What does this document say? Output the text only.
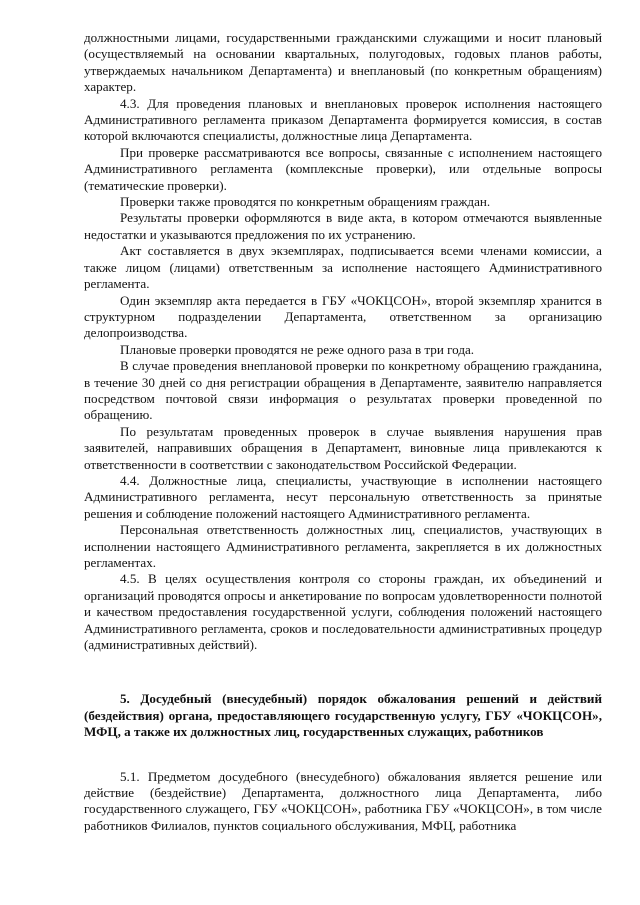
должностными лицами, государственными гражданскими служащими и носит плановый (осуществляемый на основании квартальных, полугодовых, годовых планов работы, утверждаемых начальником Департамента) и внеплановый (по конкретным обращениям) характер.

4.3. Для проведения плановых и внеплановых проверок исполнения настоящего Административного регламента приказом Департамента формируется комиссия, в состав которой включаются специалисты, должностные лица Департамента.

При проверке рассматриваются все вопросы, связанные с исполнением настоящего Административного регламента (комплексные проверки), или отдельные вопросы (тематические проверки).

Проверки также проводятся по конкретным обращениям граждан.

Результаты проверки оформляются в виде акта, в котором отмечаются выявленные недостатки и указываются предложения по их устранению.

Акт составляется в двух экземплярах, подписывается всеми членами комиссии, а также лицом (лицами) ответственным за исполнение настоящего Административного регламента.

Один экземпляр акта передается в ГБУ «ЧОКЦСОН», второй экземпляр хранится в структурном подразделении Департамента, ответственном за организацию делопроизводства.

Плановые проверки проводятся не реже одного раза в три года.

В случае проведения внеплановой проверки по конкретному обращению гражданина, в течение 30 дней со дня регистрации обращения в Департаменте, заявителю направляется посредством почтовой связи информация о результатах проверки проведенной по обращению.

По результатам проведенных проверок в случае выявления нарушения прав заявителей, направивших обращения в Департамент, виновные лица привлекаются к ответственности в соответствии с законодательством Российской Федерации.

4.4. Должностные лица, специалисты, участвующие в исполнении настоящего Административного регламента, несут персональную ответственность за принятые решения и соблюдение положений настоящего Административного регламента.

Персональная ответственность должностных лиц, специалистов, участвующих в исполнении настоящего Административного регламента, закрепляется в их должностных регламентах.

4.5. В целях осуществления контроля со стороны граждан, их объединений и организаций проводятся опросы и анкетирование по вопросам удовлетворенности полнотой и качеством предоставления государственной услуги, соблюдения положений настоящего Административного регламента, сроков и последовательности административных процедур (административных действий).

5. Досудебный (внесудебный) порядок обжалования решений и действий (бездействия) органа, предоставляющего государственную услугу, ГБУ «ЧОКЦСОН», МФЦ, а также их должностных лиц, государственных служащих, работников

5.1. Предметом досудебного (внесудебного) обжалования является решение или действие (бездействие) Департамента, должностного лица Департамента, либо государственного служащего, ГБУ «ЧОКЦСОН», работника ГБУ «ЧОКЦСОН», в том числе работников Филиалов, пунктов социального обслуживания, МФЦ, работника
